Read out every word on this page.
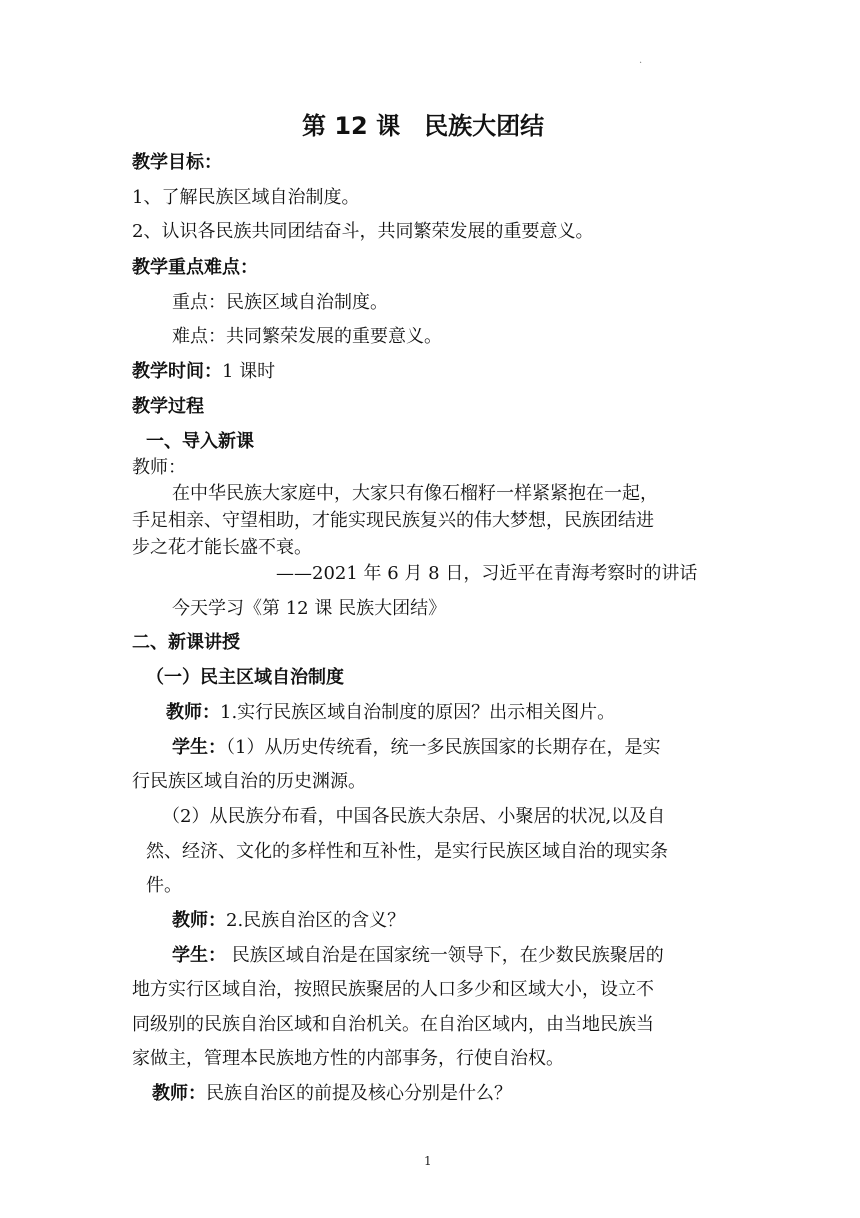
·
第 12 课　民族大团结
教学目标：
1、了解民族区域自治制度。
2、认识各民族共同团结奋斗，共同繁荣发展的重要意义。
教学重点难点：
重点：民族区域自治制度。
难点：共同繁荣发展的重要意义。
教学时间：1 课时
教学过程
一、导入新课
教师：
在中华民族大家庭中，大家只有像石榴籽一样紧紧抱在一起，
手足相亲、守望相助，才能实现民族复兴的伟大梦想，民族团结进
步之花才能长盛不衰。
——2021 年 6 月 8 日，习近平在青海考察时的讲话
今天学习《第 12 课 民族大团结》
二、新课讲授
（一）民主区域自治制度
教师：1.实行民族区域自治制度的原因？出示相关图片。
学生：（1）从历史传统看，统一多民族国家的长期存在，是实
行民族区域自治的历史渊源。
（2）从民族分布看，中国各民族大杂居、小聚居的状况,以及自
然、经济、文化的多样性和互补性，是实行民族区域自治的现实条
件。
教师：2.民族自治区的含义？
学生： 民族区域自治是在国家统一领导下，在少数民族聚居的
地方实行区域自治，按照民族聚居的人口多少和区域大小，设立不
同级别的民族自治区域和自治机关。在自治区域内，由当地民族当
家做主，管理本民族地方性的内部事务，行使自治权。
教师：民族自治区的前提及核心分别是什么？
1
